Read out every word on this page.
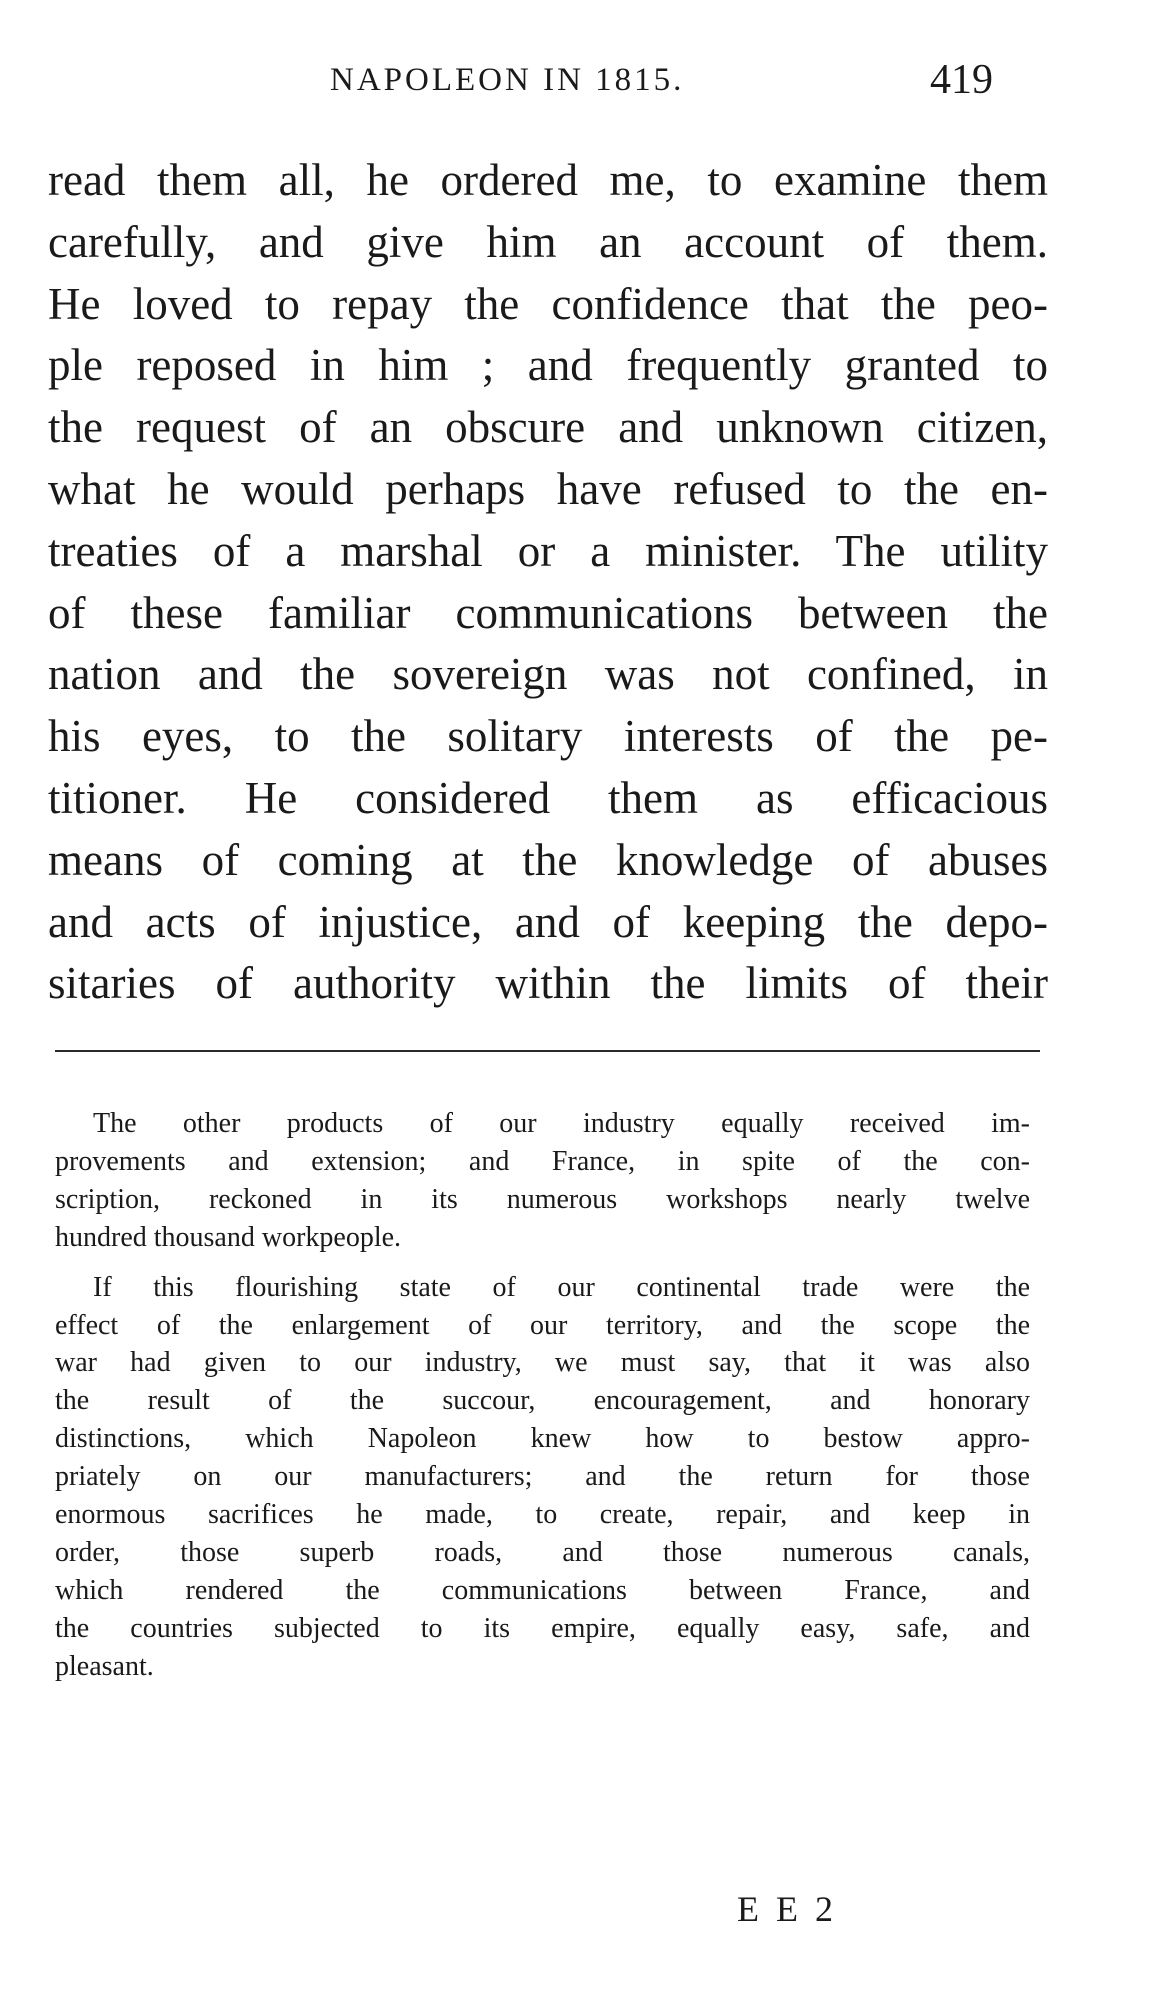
NAPOLEON IN 1815.	419
read them all, he ordered me, to examine them
carefully, and give him an account of them.
He loved to repay the confidence that the peo-
ple reposed in him ; and frequently granted to
the request of an obscure and unknown citizen,
what he would perhaps have refused to the en-
treaties of a marshal or a minister. The utility
of these familiar communications between the
nation and the sovereign was not confined, in
his eyes, to the solitary interests of the pe-
titioner. He considered them as efficacious
means of coming at the knowledge of abuses
and acts of injustice, and of keeping the depo-
sitaries of authority within the limits of their
The other products of our industry equally received im-
provements and extension; and France, in spite of the con-
scription, reckoned in its numerous workshops nearly twelve
hundred thousand workpeople.
If this flourishing state of our continental trade were the
effect of the enlargement of our territory, and the scope the
war had given to our industry, we must say, that it was also
the result of the succour, encouragement, and honorary
distinctions, which Napoleon knew how to bestow appro-
priately on our manufacturers; and the return for those
enormous sacrifices he made, to create, repair, and keep in
order, those superb roads, and those numerous canals,
which rendered the communications between France, and
the countries subjected to its empire, equally easy, safe, and
pleasant.
E E 2
